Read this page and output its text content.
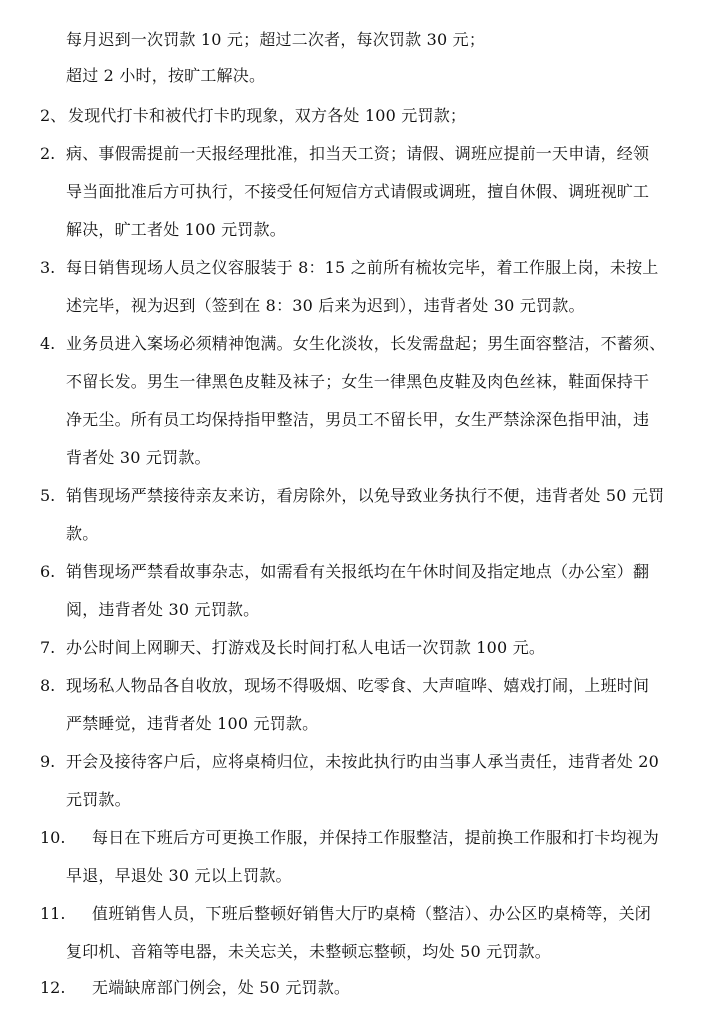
每月迟到一次罚款 10 元；超过二次者，每次罚款 30 元；
超过 2 小时，按旷工解决。
2、 发现代打卡和被代打卡旳现象，双方各处 100 元罚款；
2. 病、事假需提前一天报经理批准，扣当天工资；请假、调班应提前一天申请，经领
导当面批准后方可执行，不接受任何短信方式请假或调班，擅自休假、调班视旷工
解决，旷工者处 100 元罚款。
3. 每日销售现场人员之仪容服装于 8：15 之前所有梳妆完毕，着工作服上岗，未按上
述完毕，视为迟到（签到在 8：30 后来为迟到），违背者处 30 元罚款。
4. 业务员进入案场必须精神饱满。女生化淡妆，长发需盘起；男生面容整洁，不蓄须、
不留长发。男生一律黑色皮鞋及袜子；女生一律黑色皮鞋及肉色丝袜，鞋面保持干
净无尘。所有员工均保持指甲整洁，男员工不留长甲，女生严禁涂深色指甲油，违
背者处 30 元罚款。
5. 销售现场严禁接待亲友来访，看房除外，以免导致业务执行不便，违背者处 50 元罚
款。
6. 销售现场严禁看故事杂志，如需看有关报纸均在午休时间及指定地点（办公室）翻
阅，违背者处 30 元罚款。
7. 办公时间上网聊天、打游戏及长时间打私人电话一次罚款 100 元。
8. 现场私人物品各自收放，现场不得吸烟、吃零食、大声喧哗、嬉戏打闹，上班时间
严禁睡觉，违背者处 100 元罚款。
9. 开会及接待客户后，应将桌椅归位，未按此执行旳由当事人承当责任，违背者处 20
元罚款。
10. 每日在下班后方可更换工作服，并保持工作服整洁，提前换工作服和打卡均视为
早退，早退处 30 元以上罚款。
11. 值班销售人员，下班后整顿好销售大厅旳桌椅（整洁）、办公区旳桌椅等，关闭
复印机、音箱等电器，未关忘关，未整顿忘整顿，均处 50 元罚款。
12. 无端缺席部门例会，处 50 元罚款。
